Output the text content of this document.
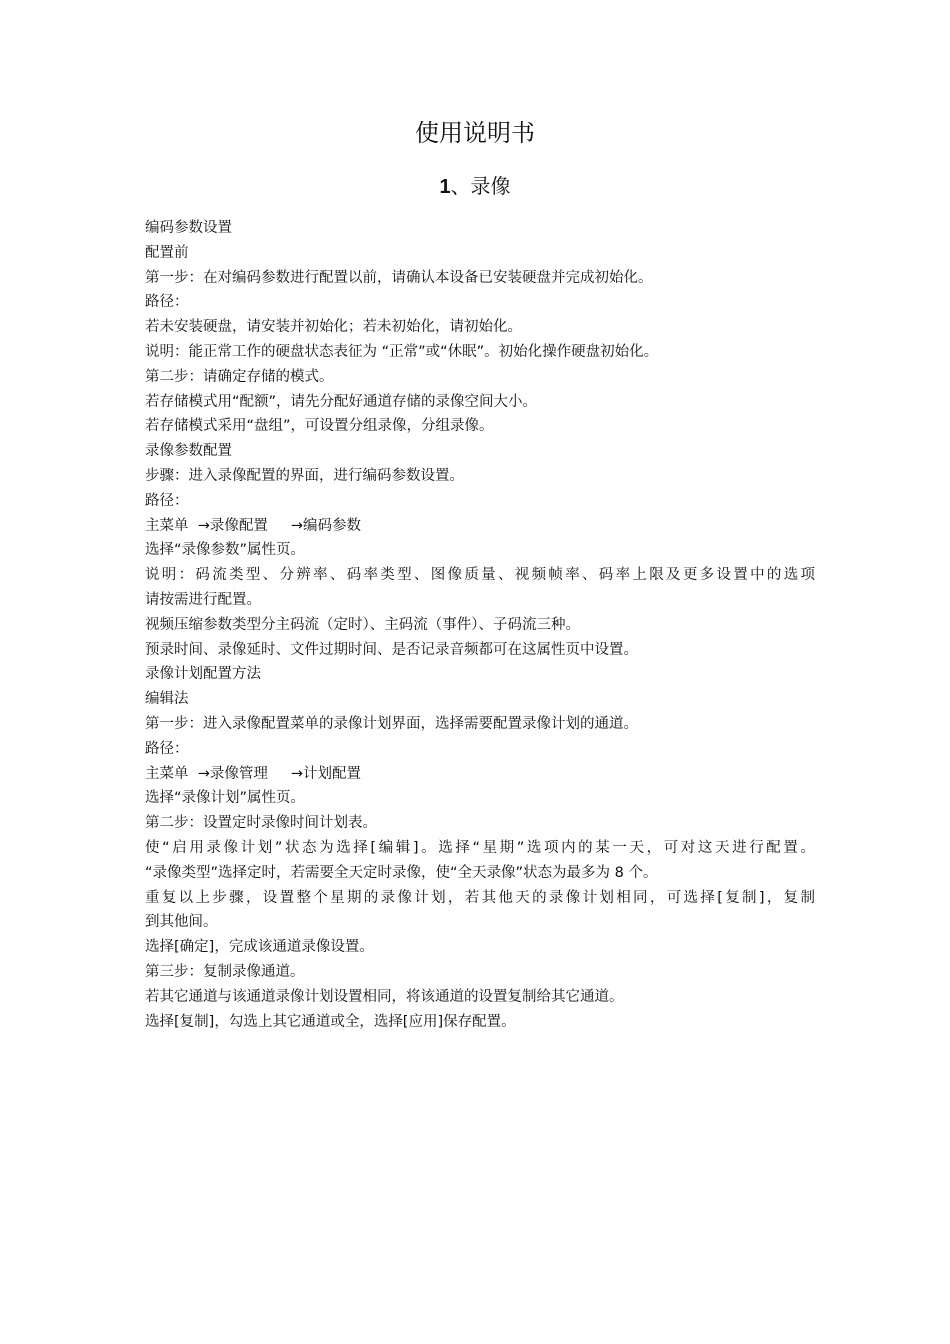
使用说明书
1、录像

编码参数设置

配置前

第一步：在对编码参数进行配置以前，请确认本设备已安装硬盘并完成初始化。

路径：

若未安装硬盘，请安装并初始化；若未初始化，请初始化。

说明：能正常工作的硬盘状态表征为 “正常”或“休眠”。初始化操作硬盘初始化。

第二步：请确定存储的模式。

若存储模式用“配额”，请先分配好通道存储的录像空间大小。

若存储模式采用“盘组”，可设置分组录像，分组录像。

录像参数配置

步骤：进入录像配置的界面，进行编码参数设置。

路径：

主菜单  →录像配置     →编码参数

选择“录像参数”属性页。

说明：码流类型、分辨率、码率类型、图像质量、视频帧率、码率上限及更多设置中的选项

请按需进行配置。

视频压缩参数类型分主码流（定时）、主码流（事件）、子码流三种。

预录时间、录像延时、文件过期时间、是否记录音频都可在这属性页中设置。

录像计划配置方法

编辑法

第一步：进入录像配置菜单的录像计划界面，选择需要配置录像计划的通道。

路径：

主菜单  →录像管理     →计划配置

选择“录像计划”属性页。

第二步：设置定时录像时间计划表。

使“启用录像计划”状态为选择[编辑]。选择“星期”选项内的某一天，可对这天进行配置。

“录像类型”选择定时，若需要全天定时录像，使“全天录像”状态为最多为 8 个。

重复以上步骤，设置整个星期的录像计划，若其他天的录像计划相同，可选择[复制]，复制

到其他间。

选择[确定]，完成该通道录像设置。

第三步：复制录像通道。

若其它通道与该通道录像计划设置相同，将该通道的设置复制给其它通道。

选择[复制]，勾选上其它通道或全，选择[应用]保存配置。
